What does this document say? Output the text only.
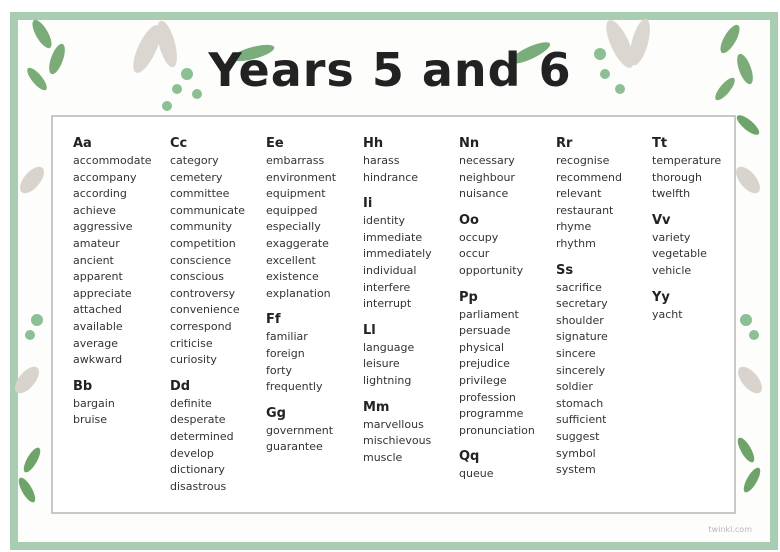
Years 5 and 6
Aa
accommodate
accompany
according
achieve
aggressive
amateur
ancient
apparent
appreciate
attached
available
average
awkward
Bb
bargain
bruise
Cc
category
cemetery
committee
communicate
community
competition
conscience
conscious
controversy
convenience
correspond
criticise
curiosity
Dd
definite
desperate
determined
develop
dictionary
disastrous
Ee
embarrass
environment
equipment
equipped
especially
exaggerate
excellent
existence
explanation
Ff
familiar
foreign
forty
frequently
Gg
government
guarantee
Hh
harass
hindrance
Ii
identity
immediate
immediately
individual
interfere
interrupt
Ll
language
leisure
lightning
Mm
marvellous
mischievous
muscle
Nn
necessary
neighbour
nuisance
Oo
occupy
occur
opportunity
Pp
parliament
persuade
physical
prejudice
privilege
profession
programme
pronunciation
Qq
queue
Rr
recognise
recommend
relevant
restaurant
rhyme
rhythm
Ss
sacrifice
secretary
shoulder
signature
sincere
sincerely
soldier
stomach
sufficient
suggest
symbol
system
Tt
temperature
thorough
twelfth
Vv
variety
vegetable
vehicle
Yy
yacht
twinkl.com
